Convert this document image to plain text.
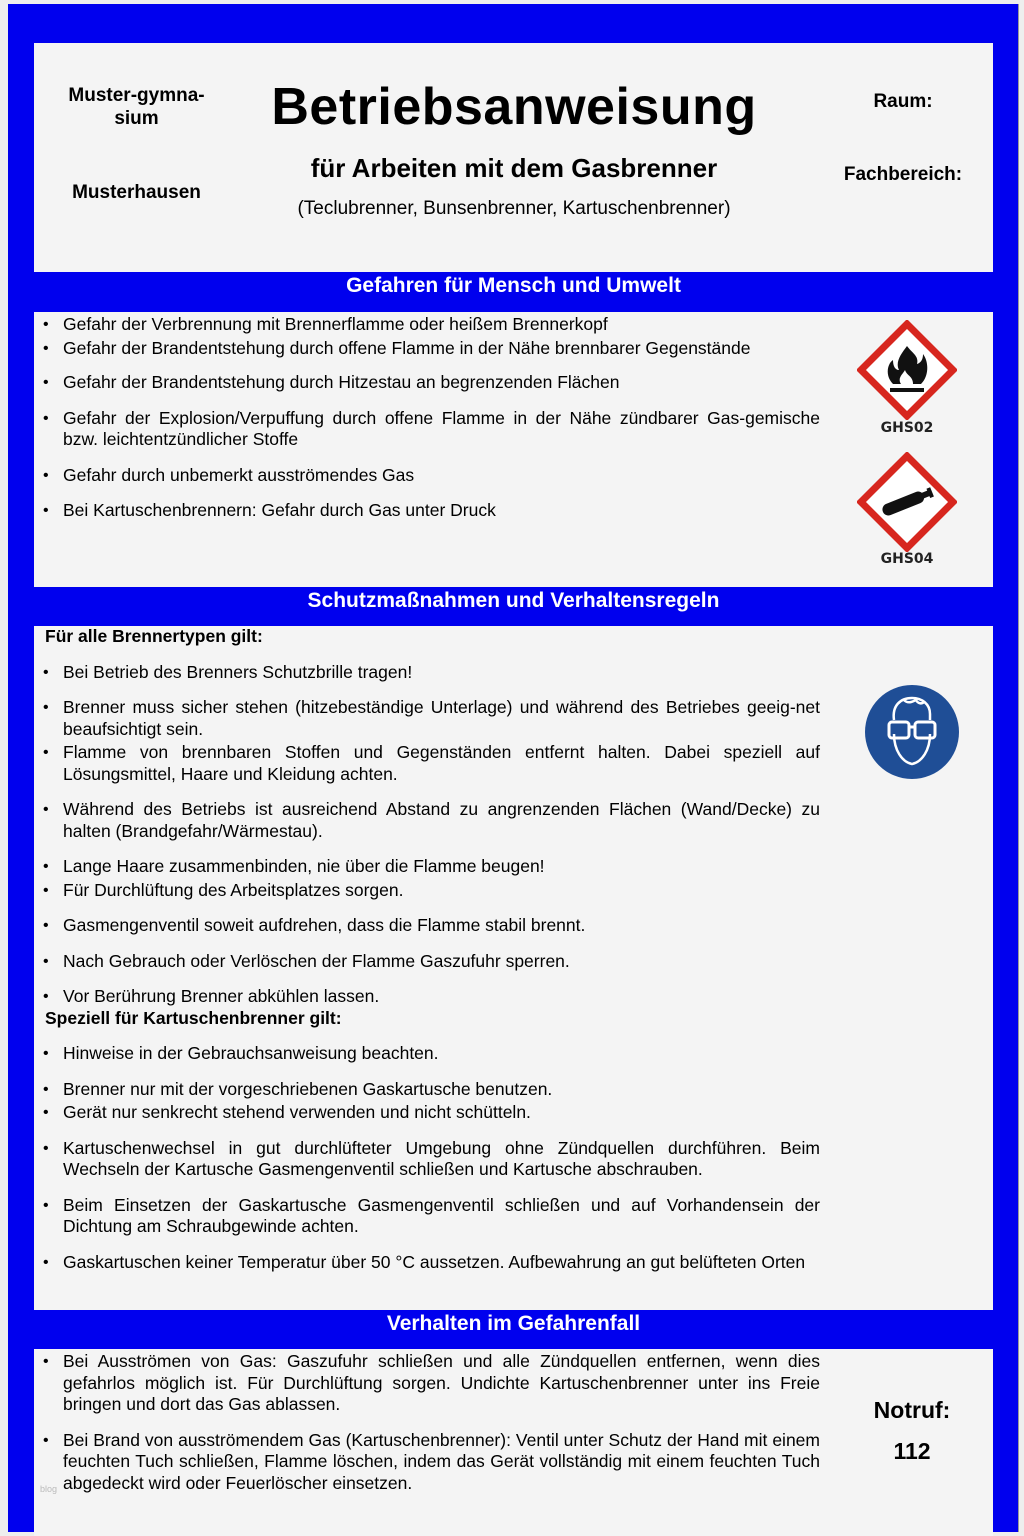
Muster-gymna-
sium
Musterhausen
Betriebsanweisung
für Arbeiten mit dem Gasbrenner
(Teclubrenner, Bunsenbrenner, Kartuschenbrenner)
Raum:
Fachbereich:
Gefahren für Mensch und Umwelt
• Gefahr der Verbrennung mit Brennerflamme oder heißem Brennerkopf
• Gefahr der Brandentstehung durch offene Flamme in der Nähe brennbarer Gegenstände
• Gefahr der Brandentstehung durch Hitzestau an begrenzenden Flächen
• Gefahr der Explosion/Verpuffung durch offene Flamme in der Nähe zündbarer Gas-gemische bzw. leichtentzündlicher Stoffe
• Gefahr durch unbemerkt ausströmendes Gas
• Bei Kartuschenbrennern: Gefahr durch Gas unter Druck
GHS02
GHS04
Schutzmaßnahmen und Verhaltensregeln
Für alle Brennertypen gilt:
• Bei Betrieb des Brenners Schutzbrille tragen!
• Brenner muss sicher stehen (hitzebeständige Unterlage) und während des Betriebes geeig-net beaufsichtigt sein.
• Flamme von brennbaren Stoffen und Gegenständen entfernt halten. Dabei speziell auf Lösungsmittel, Haare und Kleidung achten.
• Während des Betriebs ist ausreichend Abstand zu angrenzenden Flächen (Wand/Decke) zu halten (Brandgefahr/Wärmestau).
• Lange Haare zusammenbinden, nie über die Flamme beugen!
• Für Durchlüftung des Arbeitsplatzes sorgen.
• Gasmengenventil soweit aufdrehen, dass die Flamme stabil brennt.
• Nach Gebrauch oder Verlöschen der Flamme Gaszufuhr sperren.
• Vor Berührung Brenner abkühlen lassen.
Speziell für Kartuschenbrenner gilt:
• Hinweise in der Gebrauchsanweisung beachten.
• Brenner nur mit der vorgeschriebenen Gaskartusche benutzen.
• Gerät nur senkrecht stehend verwenden und nicht schütteln.
• Kartuschenwechsel in gut durchlüfteter Umgebung ohne Zündquellen durchführen. Beim Wechseln der Kartusche Gasmengenventil schließen und Kartusche abschrauben.
• Beim Einsetzen der Gaskartusche Gasmengenventil schließen und auf Vorhandensein der Dichtung am Schraubgewinde achten.
• Gaskartuschen keiner Temperatur über 50 °C aussetzen. Aufbewahrung an gut belüfteten Orten
Verhalten im Gefahrenfall
• Bei Ausströmen von Gas: Gaszufuhr schließen und alle Zündquellen entfernen, wenn dies gefahrlos möglich ist. Für Durchlüftung sorgen. Undichte Kartuschenbrenner unter ins Freie bringen und dort das Gas ablassen.
• Bei Brand von ausströmendem Gas (Kartuschenbrenner): Ventil unter Schutz der Hand mit einem feuchten Tuch schließen, Flamme löschen, indem das Gerät vollständig mit einem feuchten Tuch abgedeckt wird oder Feuerlöscher einsetzen.
Notruf:
112
blog
